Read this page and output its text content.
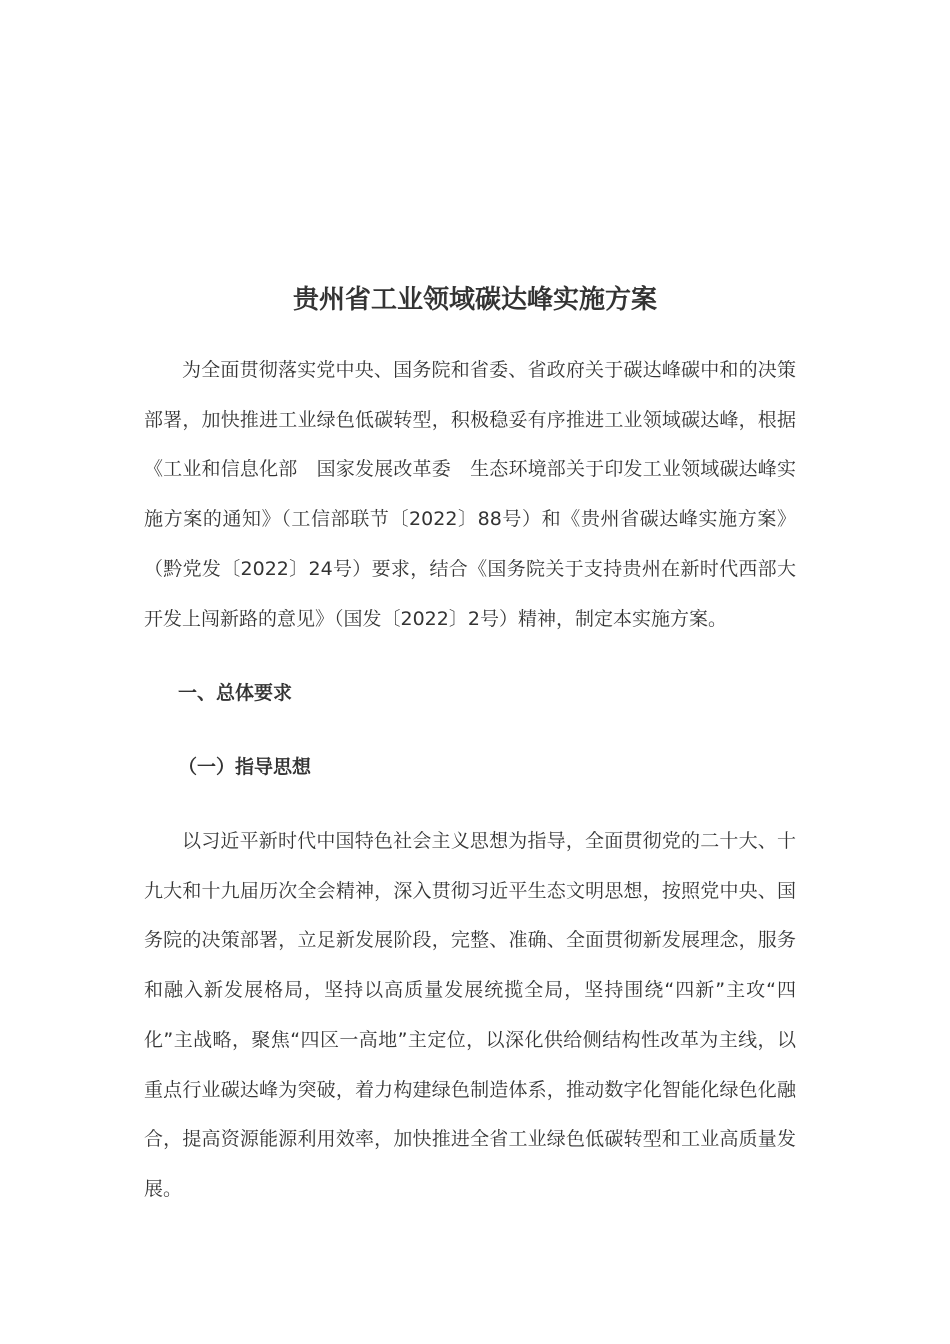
贵州省工业领域碳达峰实施方案

为全面贯彻落实党中央、国务院和省委、省政府关于碳达峰碳中和的决策部署，加快推进工业绿色低碳转型，积极稳妥有序推进工业领域碳达峰，根据《工业和信息化部　国家发展改革委　生态环境部关于印发工业领域碳达峰实施方案的通知》（工信部联节〔2022〕88号）和《贵州省碳达峰实施方案》（黔党发〔2022〕24号）要求，结合《国务院关于支持贵州在新时代西部大开发上闯新路的意见》（国发〔2022〕2号）精神，制定本实施方案。

一、总体要求
（一）指导思想

以习近平新时代中国特色社会主义思想为指导，全面贯彻党的二十大、十九大和十九届历次全会精神，深入贯彻习近平生态文明思想，按照党中央、国务院的决策部署，立足新发展阶段，完整、准确、全面贯彻新发展理念，服务和融入新发展格局，坚持以高质量发展统揽全局，坚持围绕“四新”主攻“四化”主战略，聚焦“四区一高地”主定位，以深化供给侧结构性改革为主线，以重点行业碳达峰为突破，着力构建绿色制造体系，推动数字化智能化绿色化融合，提高资源能源利用效率，加快推进全省工业绿色低碳转型和工业高质量发展。
